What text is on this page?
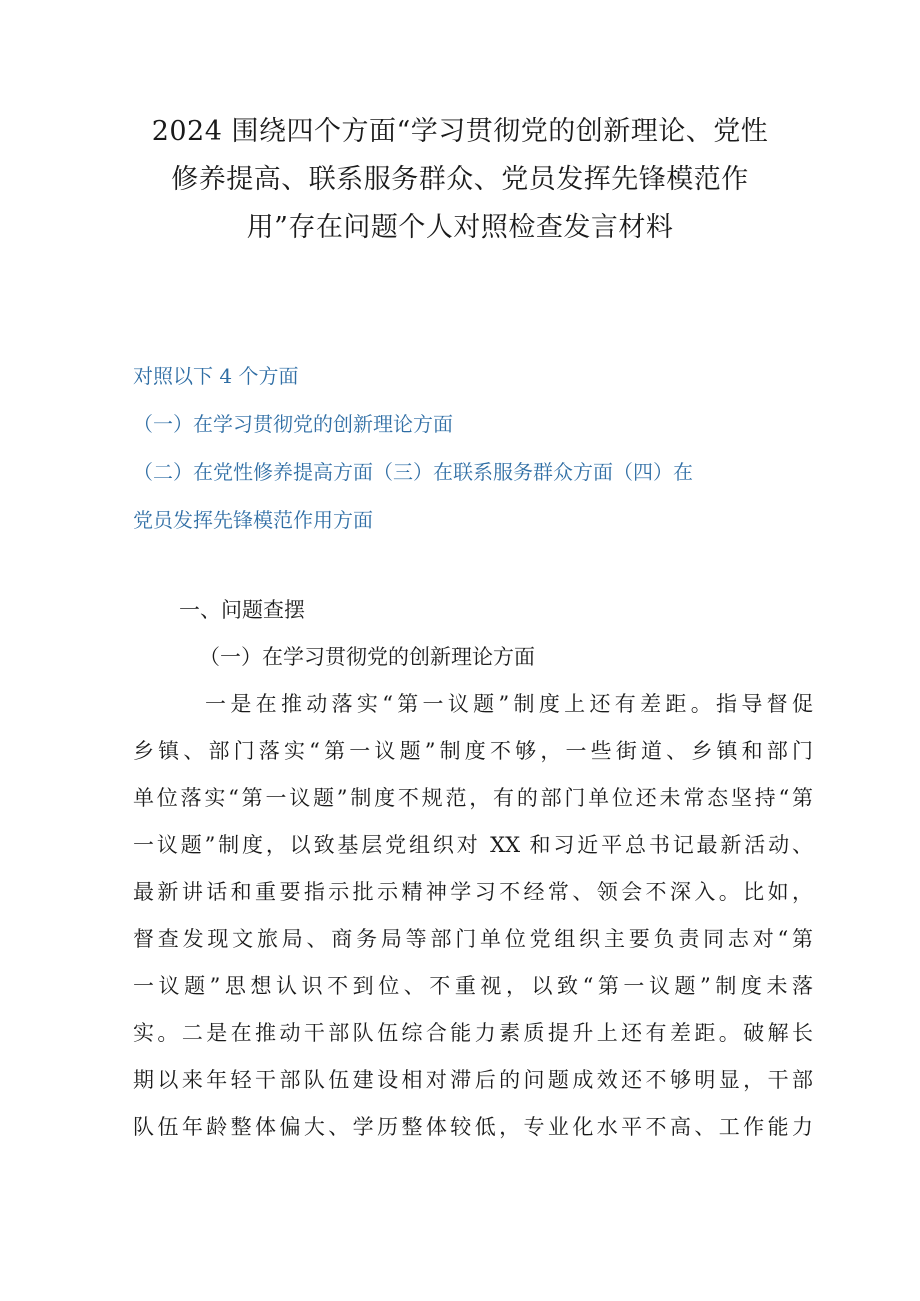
2024 围绕四个方面“学习贯彻党的创新理论、党性
修养提高、联系服务群众、党员发挥先锋模范作
用”存在问题个人对照检查发言材料
对照以下 4 个方面
（一）在学习贯彻党的创新理论方面
（二）在党性修养提高方面（三）在联系服务群众方面（四）在
党员发挥先锋模范作用方面
一、问题查摆
（一）在学习贯彻党的创新理论方面
一是在推动落实“第一议题”制度上还有差距。指导督促
乡镇、部门落实“第一议题”制度不够，一些街道、乡镇和部门
单位落实“第一议题”制度不规范，有的部门单位还未常态坚持“第
一议题”制度，以致基层党组织对 XX 和习近平总书记最新活动、
最新讲话和重要指示批示精神学习不经常、领会不深入。比如，
督查发现文旅局、商务局等部门单位党组织主要负责同志对“第
一议题”思想认识不到位、不重视，以致“第一议题”制度未落
实。二是在推动干部队伍综合能力素质提升上还有差距。破解长
期以来年轻干部队伍建设相对滞后的问题成效还不够明显，干部
队伍年龄整体偏大、学历整体较低，专业化水平不高、工作能力
